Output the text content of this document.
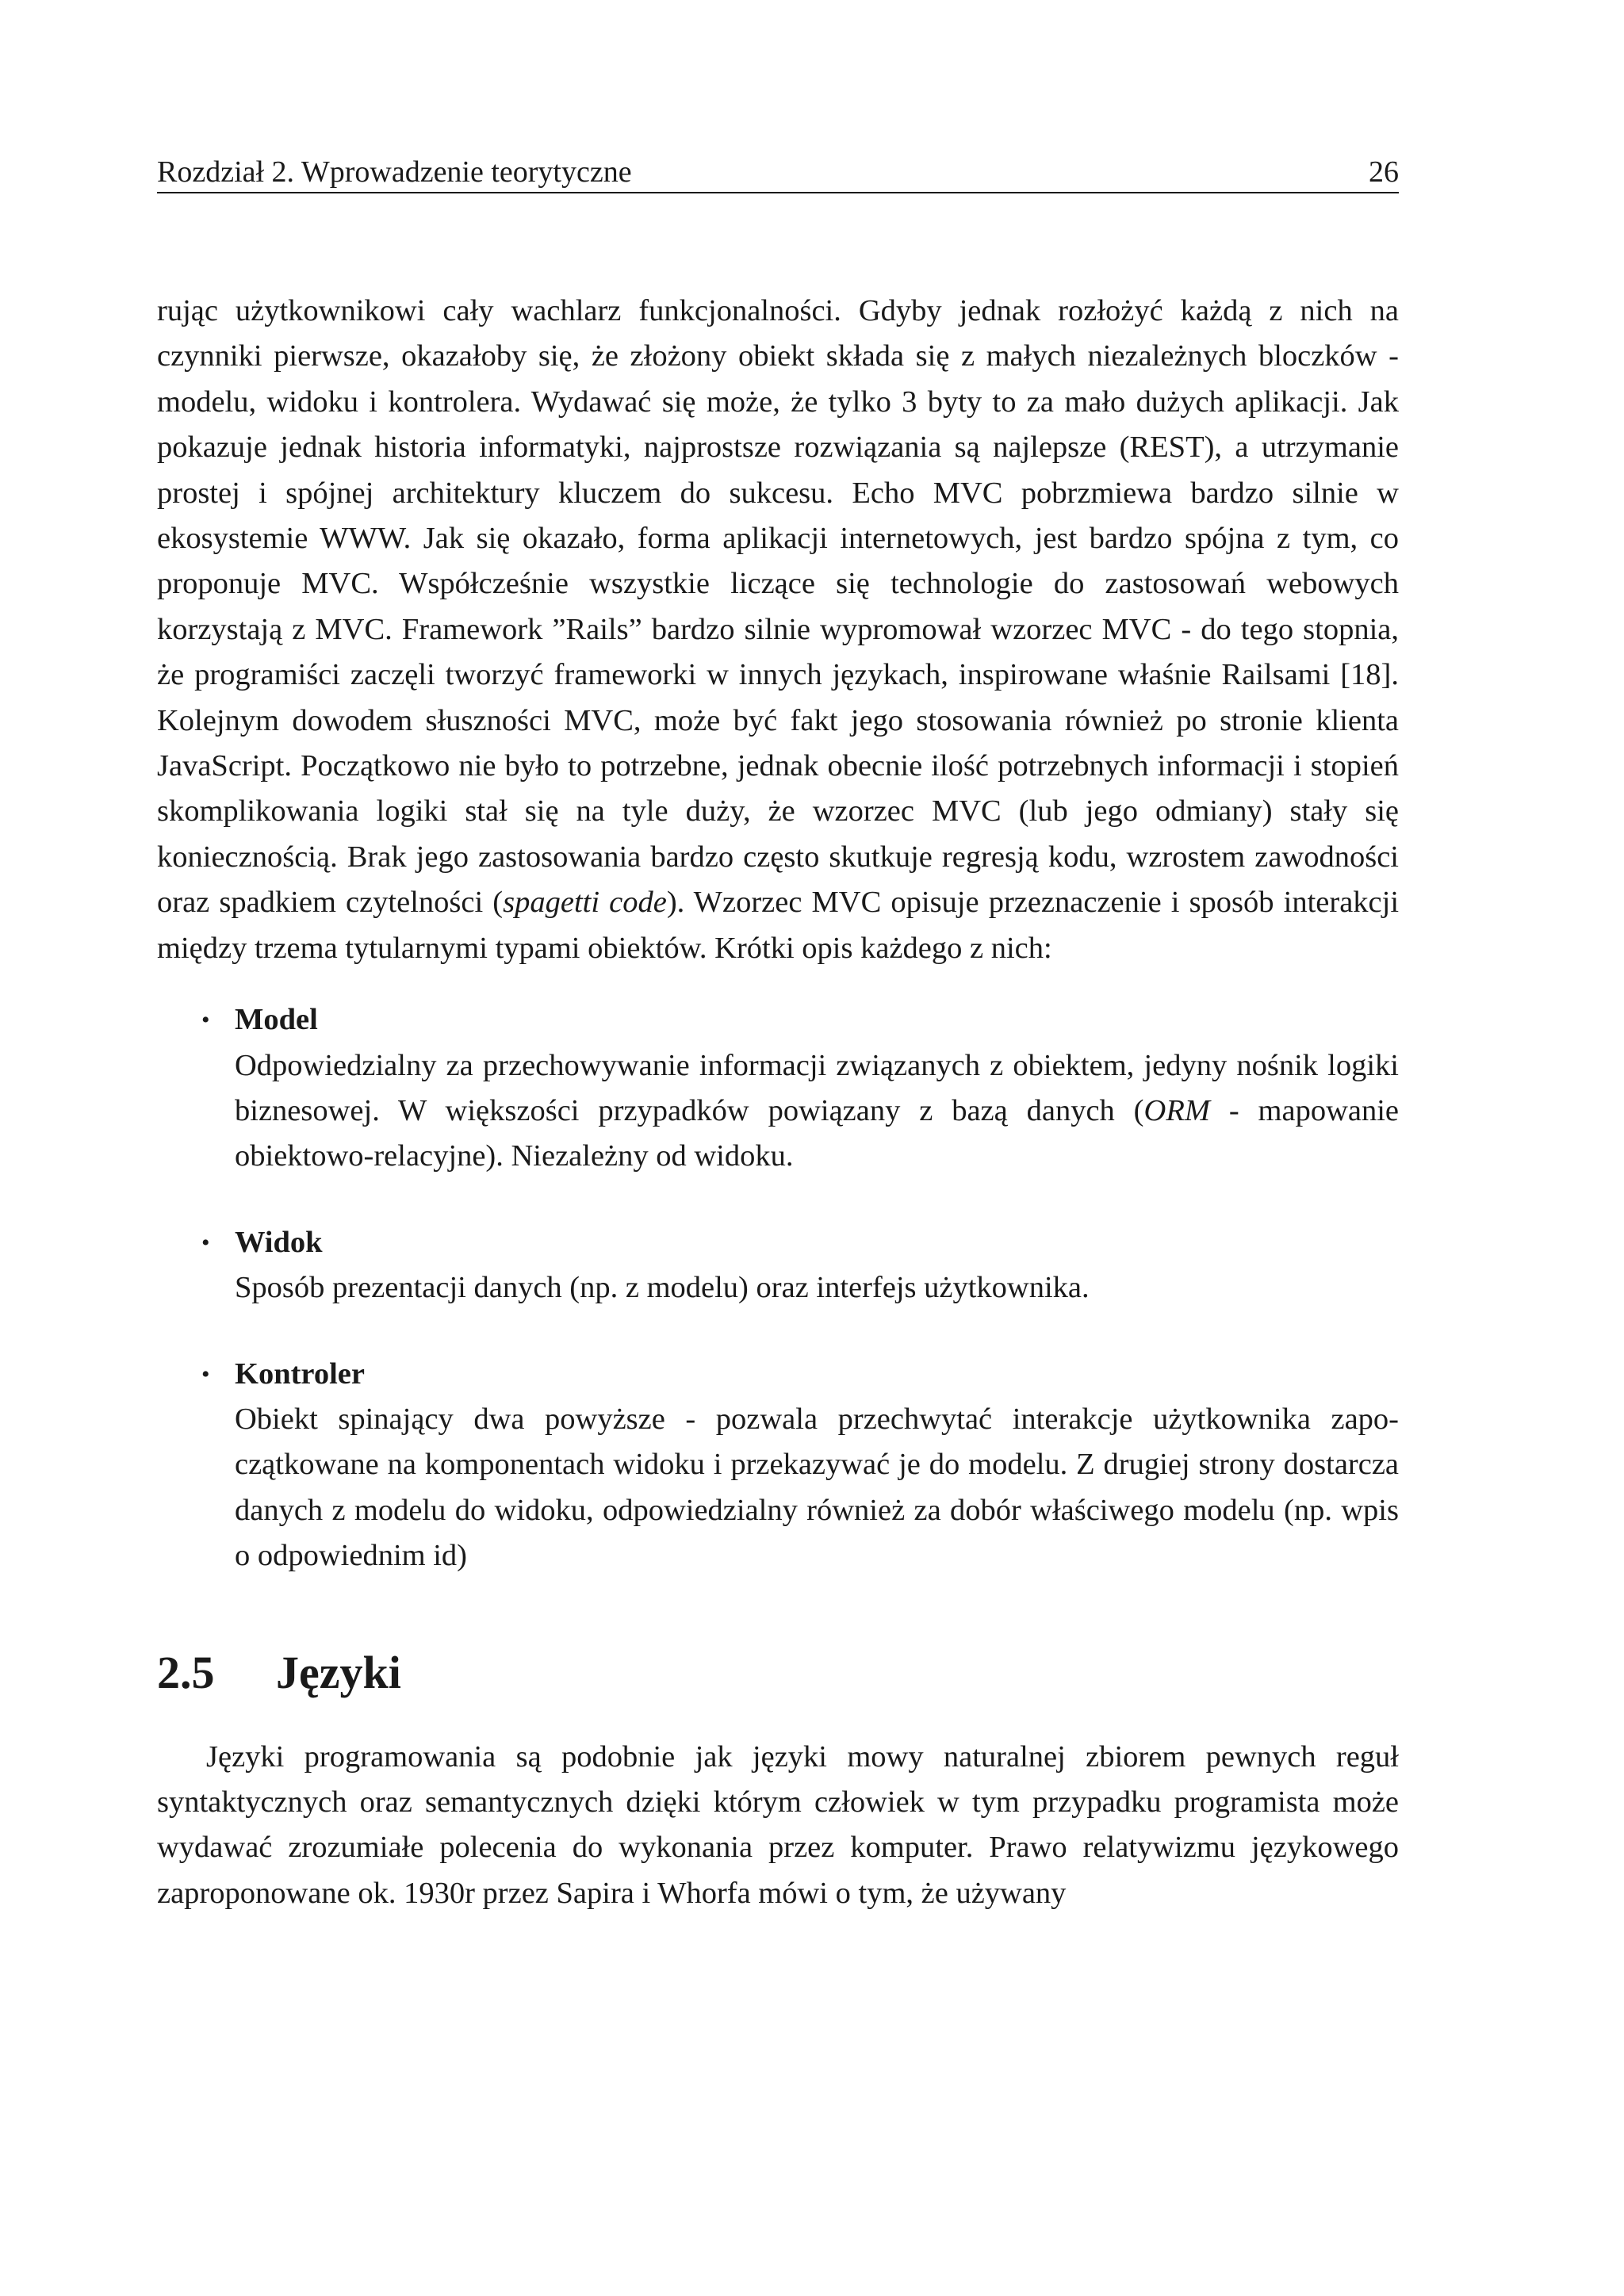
Rozdział 2. Wprowadzenie teorytyczne	26

rując użytkownikowi cały wachlarz funkcjonalności. Gdyby jednak rozłożyć każdą z nich na czynniki pierwsze, okazałoby się, że złożony obiekt składa się z małych niezależnych bloczków - modelu, widoku i kontrolera. Wydawać się może, że tylko 3 byty to za mało dużych aplikacji. Jak pokazuje jednak historia informatyki, najprostsze rozwiązania są najlepsze (REST), a utrzymanie prostej i spójnej architektury kluczem do sukcesu. Echo MVC pobrzmiewa bardzo silnie w ekosystemie WWW. Jak się okazało, forma aplikacji internetowych, jest bardzo spójna z tym, co proponuje MVC. Współcześnie wszystkie liczące się technologie do zastosowań webowych korzystają z MVC. Framework ”Rails” bardzo silnie wypromował wzorzec MVC - do tego stopnia, że programiści zaczęli tworzyć frameworki w innych językach, inspirowane właśnie Railsami [18]. Kolejnym dowodem słuszności MVC, może być fakt jego stosowania również po stronie klienta JavaScript. Początkowo nie było to potrzebne, jednak obecnie ilość potrzebnych informacji i stopień skomplikowania logiki stał się na tyle duży, że wzorzec MVC (lub jego odmiany) stały się koniecznością. Brak jego zastosowania bardzo często skutkuje regresją kodu, wzrostem zawodności oraz spadkiem czytelności (spagetti code). Wzorzec MVC opisuje przeznaczenie i sposób interakcji między trzema tytularnymi typami obiektów. Krótki opis każdego z nich:

• Model
Odpowiedzialny za przechowywanie informacji związanych z obiektem, jedyny nośnik logiki biznesowej. W większości przypadków powiązany z bazą danych (ORM - mapowanie obiektowo-relacyjne). Niezależny od widoku.
• Widok
Sposób prezentacji danych (np. z modelu) oraz interfejs użytkownika.
• Kontroler
Obiekt spinający dwa powyższe - pozwala przechwytać interakcje użytkownika zapoczątkowane na komponentach widoku i przekazywać je do modelu. Z drugiej strony dostarcza danych z modelu do widoku, odpowiedzialny również za dobór właściwego modelu (np. wpis o odpowiednim id)
2.5 Języki

Języki programowania są podobnie jak języki mowy naturalnej zbiorem pewnych reguł syntaktycznych oraz semantycznych dzięki którym człowiek w tym przypadku programista może wydawać zrozumiałe polecenia do wykonania przez komputer. Prawo relatywizmu językowego zaproponowane ok. 1930r przez Sapira i Whorfa mówi o tym, że używany
